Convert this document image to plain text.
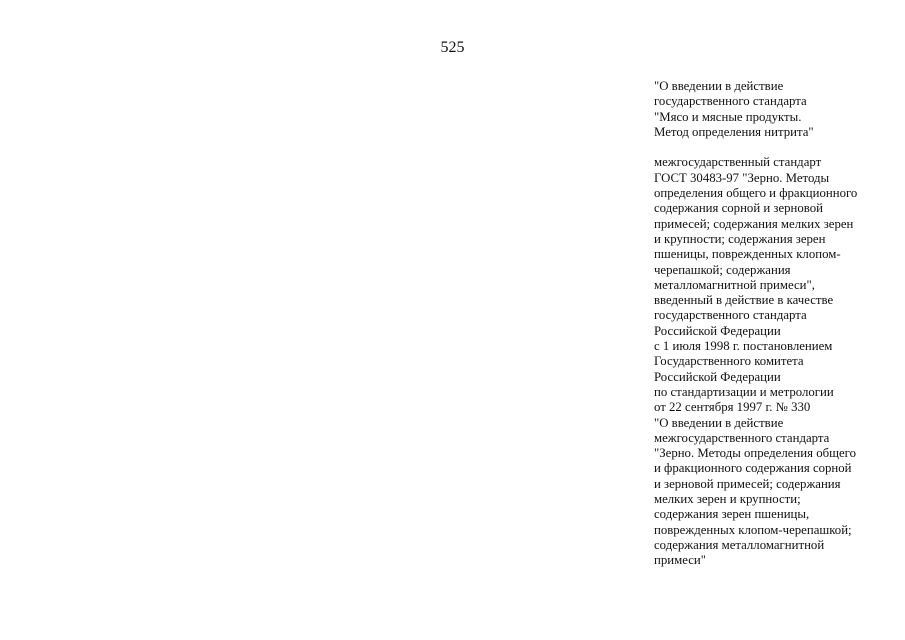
525
"О введении в действие
государственного стандарта
"Мясо и мясные продукты.
Метод определения нитрита"
межгосударственный стандарт
ГОСТ 30483-97 "Зерно. Методы
определения общего и фракционного
содержания сорной и зерновой
примесей; содержания мелких зерен
и крупности; содержания зерен
пшеницы, поврежденных клопом-
черепашкой; содержания
металломагнитной примеси",
введенный в действие в качестве
государственного стандарта
Российской Федерации
с 1 июля 1998 г. постановлением
Государственного комитета
Российской Федерации
по стандартизации и метрологии
от 22 сентября 1997 г. № 330
"О введении в действие
межгосударственного стандарта
"Зерно. Методы определения общего
и фракционного содержания сорной
и зерновой примесей; содержания
мелких зерен и крупности;
содержания зерен пшеницы,
поврежденных клопом-черепашкой;
содержания металломагнитной
примеси"
